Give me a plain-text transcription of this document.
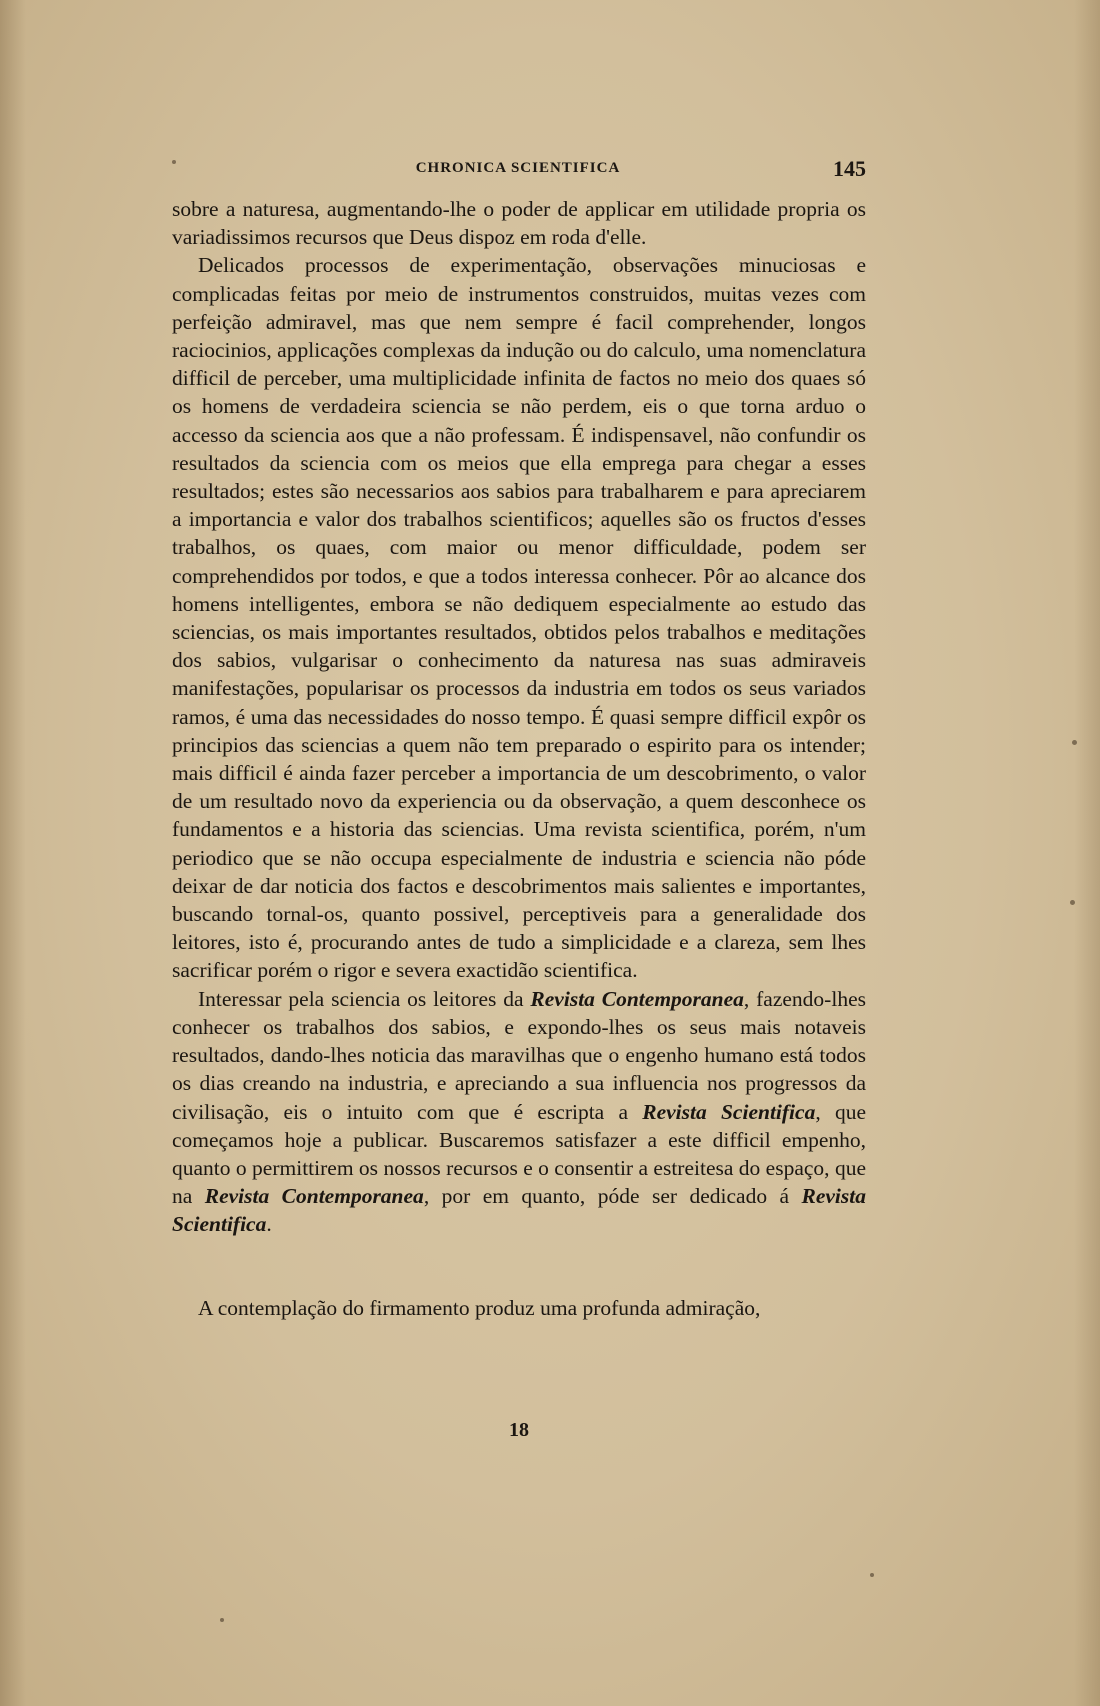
CHRONICA SCIENTIFICA	145

sobre a naturesa, augmentando-lhe o poder de applicar em utilidade propria os variadissimos recursos que Deus dispoz em roda d'elle.

Delicados processos de experimentação, observações minuciosas e complicadas feitas por meio de instrumentos construidos, muitas vezes com perfeição admiravel, mas que nem sempre é facil comprehender, longos raciocinios, applicações complexas da indução ou do calculo, uma nomenclatura difficil de perceber, uma multiplicidade infinita de factos no meio dos quaes só os homens de verdadeira sciencia se não perdem, eis o que torna arduo o accesso da sciencia aos que a não professam. É indispensavel, não confundir os resultados da sciencia com os meios que ella emprega para chegar a esses resultados; estes são necessarios aos sabios para trabalharem e para apreciarem a importancia e valor dos trabalhos scientificos; aquelles são os fructos d'esses trabalhos, os quaes, com maior ou menor difficuldade, podem ser comprehendidos por todos, e que a todos interessa conhecer. Pôr ao alcance dos homens intelligentes, embora se não dediquem especialmente ao estudo das sciencias, os mais importantes resultados, obtidos pelos trabalhos e meditações dos sabios, vulgarisar o conhecimento da naturesa nas suas admiraveis manifestações, popularisar os processos da industria em todos os seus variados ramos, é uma das necessidades do nosso tempo. É quasi sempre difficil expôr os principios das sciencias a quem não tem preparado o espirito para os intender; mais difficil é ainda fazer perceber a importancia de um descobrimento, o valor de um resultado novo da experiencia ou da observação, a quem desconhece os fundamentos e a historia das sciencias. Uma revista scientifica, porém, n'um periodico que se não occupa especialmente de industria e sciencia não póde deixar de dar noticia dos factos e descobrimentos mais salientes e importantes, buscando tornal-os, quanto possivel, perceptiveis para a generalidade dos leitores, isto é, procurando antes de tudo a simplicidade e a clareza, sem lhes sacrificar porém o rigor e severa exactidão scientifica.

Interessar pela sciencia os leitores da Revista Contemporanea, fazendo-lhes conhecer os trabalhos dos sabios, e expondo-lhes os seus mais notaveis resultados, dando-lhes noticia das maravilhas que o engenho humano está todos os dias creando na industria, e apreciando a sua influencia nos progressos da civilisação, eis o intuito com que é escripta a Revista Scientifica, que começamos hoje a publicar. Buscaremos satisfazer a este difficil empenho, quanto o permittirem os nossos recursos e o consentir a estreitesa do espaço, que na Revista Contemporanea, por em quanto, póde ser dedicado á Revista Scientifica.

A contemplação do firmamento produz uma profunda admiração,

18
